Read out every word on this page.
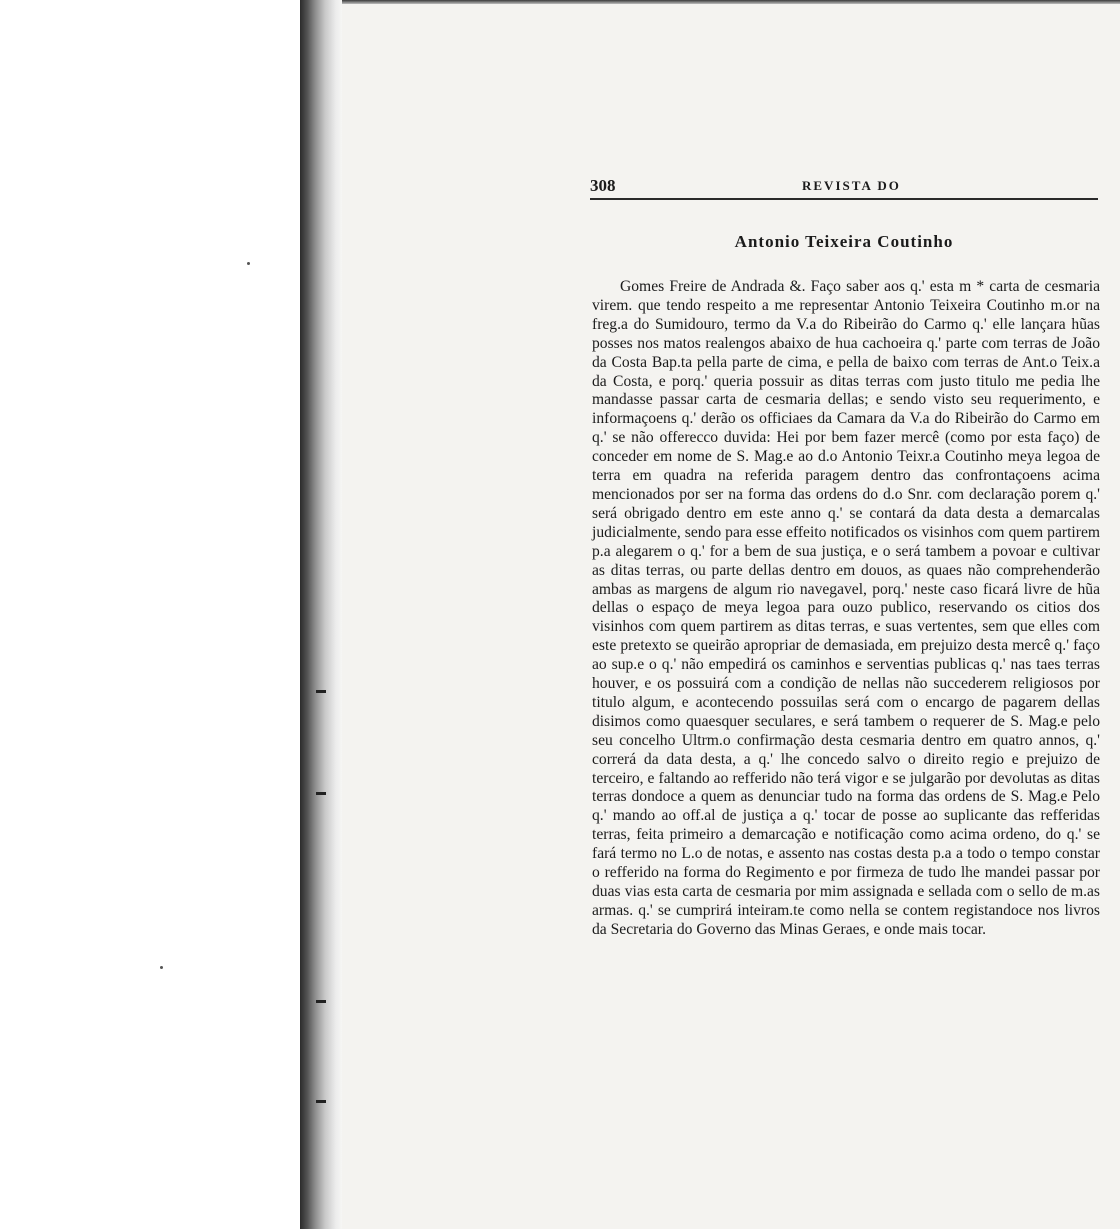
308	REVISTA DO
Antonio Teixeira Coutinho

Gomes Freire de Andrada &. Faço saber aos q.' esta m * carta de cesmaria virem. que tendo respeito a me representar Antonio Teixeira Coutinho m.or na freg.a do Sumidouro, termo da V.a do Ribeirão do Carmo q.' elle lançara hũas posses nos matos realengos abaixo de hua cachoeira q.' parte com terras de João da Costa Bap.ta pella parte de cima, e pella de baixo com terras de Ant.o Teix.a da Costa, e porq.' queria possuir as ditas terras com justo titulo me pedia lhe mandasse passar carta de cesmaria dellas; e sendo visto seu requerimento, e informaçoens q.' derão os officiaes da Camara da V.a do Ribeirão do Carmo em q.' se não offerecco duvida: Hei por bem fazer mercê (como por esta faço) de conceder em nome de S. Mag.e ao d.o Antonio Teixr.a Coutinho meya legoa de terra em quadra na referida paragem dentro das confrontaçoens acima mencionados por ser na forma das ordens do d.o Snr. com declaração porem q.' será obrigado dentro em este anno q.' se contará da data desta a demarcalas judicialmente, sendo para esse effeito notificados os visinhos com quem partirem p.a alegarem o q.' for a bem de sua justiça, e o será tambem a povoar e cultivar as ditas terras, ou parte dellas dentro em douos, as quaes não comprehenderão ambas as margens de algum rio navegavel, porq.' neste caso ficará livre de hũa dellas o espaço de meya legoa para ouzo publico, reservando os citios dos visinhos com quem partirem as ditas terras, e suas vertentes, sem que elles com este pretexto se queirão apropriar de demasiada, em prejuizo desta mercê q.' faço ao sup.e o q.' não empedirá os caminhos e serventias publicas q.' nas taes terras houver, e os possuirá com a condição de nellas não succederem religiosos por titulo algum, e acontecendo possuilas será com o encargo de pagarem dellas disimos como quaesquer seculares, e será tambem o requerer de S. Mag.e pelo seu concelho Ultrm.o confirmação desta cesmaria dentro em quatro annos, q.' correrá da data desta, a q.' lhe concedo salvo o direito regio e prejuizo de terceiro, e faltando ao refferido não terá vigor e se julgarão por devolutas as ditas terras dondoce a quem as denunciar tudo na forma das ordens de S. Mag.e Pelo q.' mando ao off.al de justiça a q.' tocar de posse ao suplicante das refferidas terras, feita primeiro a demarcação e notificação como acima ordeno, do q.' se fará termo no L.o de notas, e assento nas costas desta p.a a todo o tempo constar o refferido na forma do Regimento e por firmeza de tudo lhe mandei passar por duas vias esta carta de cesmaria por mim assignada e sellada com o sello de m.as armas. q.' se cumprirá inteiram.te como nella se contem registandoce nos livros da Secretaria do Governo das Minas Geraes, e onde mais tocar.
